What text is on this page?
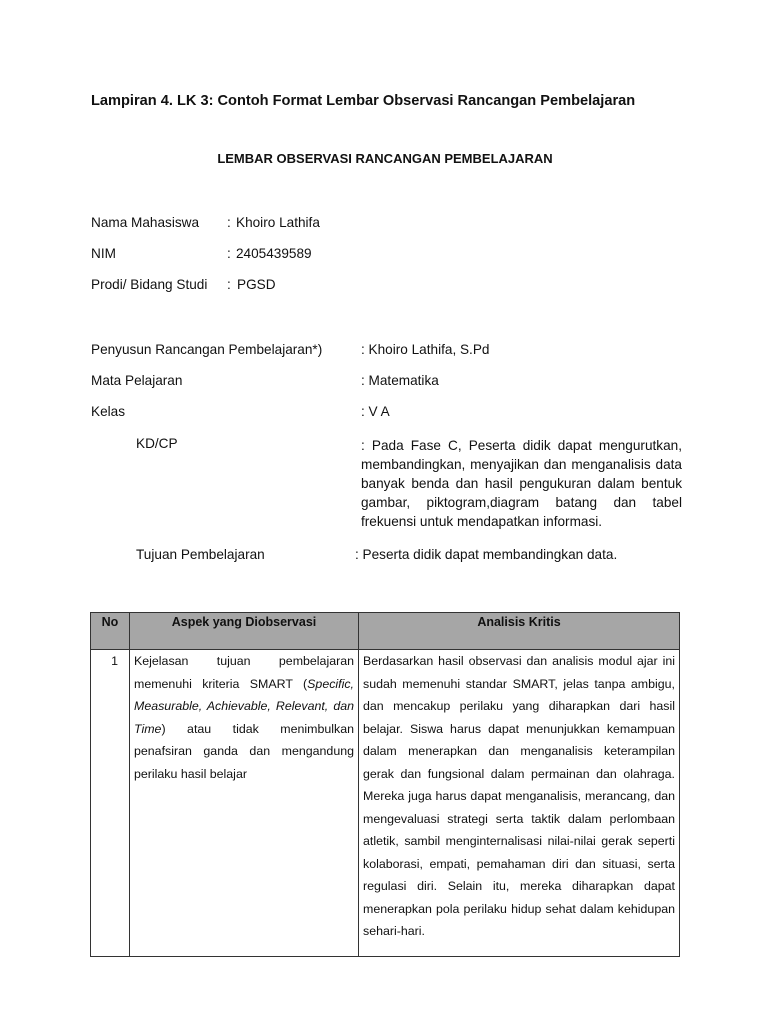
Lampiran 4. LK 3: Contoh Format Lembar Observasi Rancangan Pembelajaran
LEMBAR OBSERVASI RANCANGAN PEMBELAJARAN
Nama Mahasiswa : Khoiro Lathifa
NIM	: 2405439589
Prodi/ Bidang Studi : PGSD
Penyusun Rancangan Pembelajaran*)	: Khoiro Lathifa, S.Pd
Mata Pelajaran	: Matematika
Kelas	: V A
KD/CP	: Pada Fase C, Peserta didik dapat mengurutkan, membandingkan, menyajikan dan menganalisis data banyak benda dan hasil pengukuran dalam bentuk gambar, piktogram,diagram batang dan tabel frekuensi untuk mendapatkan informasi.
Tujuan Pembelajaran	: Peserta didik dapat membandingkan data.
No	Aspek yang Diobservasi	Analisis Kritis
1	Kejelasan tujuan pembelajaran memenuhi kriteria SMART (Specific, Measurable, Achievable, Relevant, dan Time) atau tidak menimbulkan penafsiran ganda dan mengandung perilaku hasil belajar	Berdasarkan hasil observasi dan analisis modul ajar ini sudah memenuhi standar SMART, jelas tanpa ambigu, dan mencakup perilaku yang diharapkan dari hasil belajar. Siswa harus dapat menunjukkan kemampuan dalam menerapkan dan menganalisis keterampilan gerak dan fungsional dalam permainan dan olahraga. Mereka juga harus dapat menganalisis, merancang, dan mengevaluasi strategi serta taktik dalam perlombaan atletik, sambil menginternalisasi nilai-nilai gerak seperti kolaborasi, empati, pemahaman diri dan situasi, serta regulasi diri. Selain itu, mereka diharapkan dapat menerapkan pola perilaku hidup sehat dalam kehidupan sehari-hari.
